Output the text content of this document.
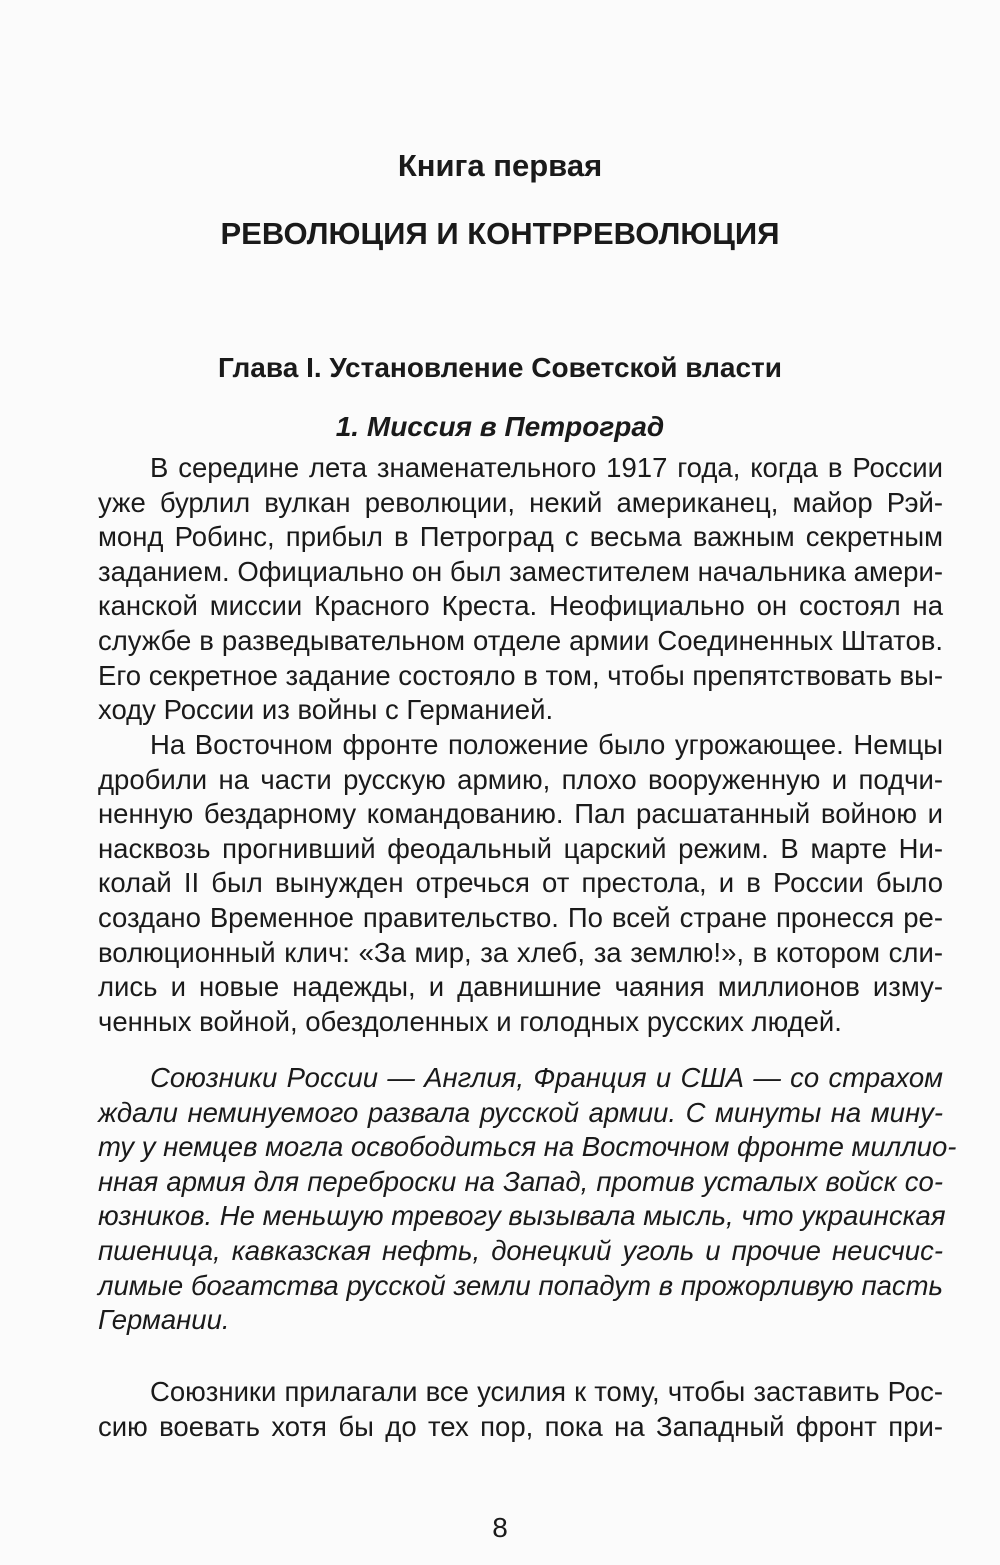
Книга первая
РЕВОЛЮЦИЯ И КОНТРРЕВОЛЮЦИЯ
Глава I. Установление Советской власти
1. Миссия в Петроград
В середине лета знаменательного 1917 года, когда в России
уже бурлил вулкан революции, некий американец, майор Рэй-
монд Робинс, прибыл в Петроград с весьма важным секретным
заданием. Официально он был заместителем начальника амери-
канской миссии Красного Креста. Неофициально он состоял на
службе в разведывательном отделе армии Соединенных Штатов.
Его секретное задание состояло в том, чтобы препятствовать вы-
ходу России из войны с Германией.
На Восточном фронте положение было угрожающее. Немцы
дробили на части русскую армию, плохо вооруженную и подчи-
ненную бездарному командованию. Пал расшатанный войною и
насквозь прогнивший феодальный царский режим. В марте Ни-
колай II был вынужден отречься от престола, и в России было
создано Временное правительство. По всей стране пронесся ре-
волюционный клич: «За мир, за хлеб, за землю!», в котором сли-
лись и новые надежды, и давнишние чаяния миллионов изму-
ченных войной, обездоленных и голодных русских людей.
Союзники России — Англия, Франция и США — со страхом
ждали неминуемого развала русской армии. С минуты на мину-
ту у немцев могла освободиться на Восточном фронте миллио-
нная армия для переброски на Запад, против усталых войск со-
юзников. Не меньшую тревогу вызывала мысль, что украинская
пшеница, кавказская нефть, донецкий уголь и прочие неисчис-
лимые богатства русской земли попадут в прожорливую пасть
Германии.
Союзники прилагали все усилия к тому, чтобы заставить Рос-
сию воевать хотя бы до тех пор, пока на Западный фронт при-
8
